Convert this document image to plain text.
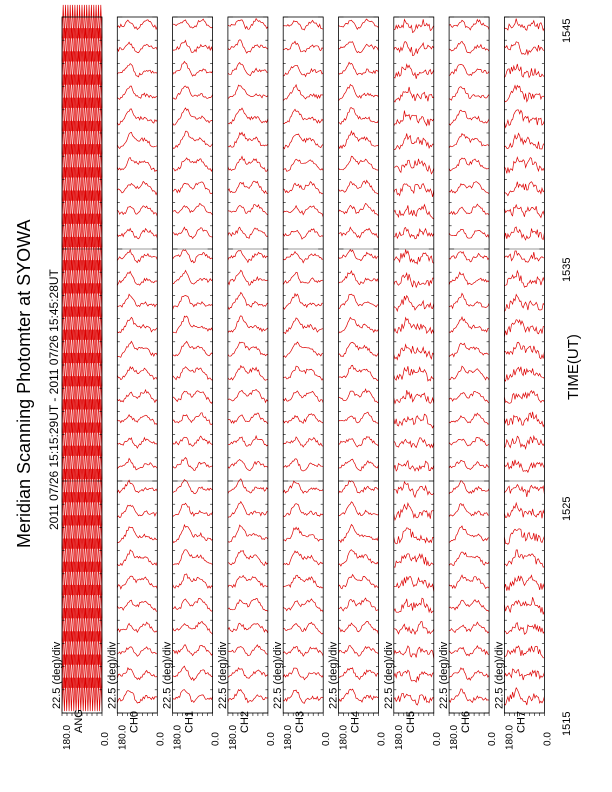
22.5 (deg)/div
180.0
ANG
0.0
22.5 (deg)/div
180.0
CH0
0.0
22.5 (deg)/div
180.0
CH1
0.0
22.5 (deg)/div
180.0
CH2
0.0
22.5 (deg)/div
180.0
CH3
0.0
22.5 (deg)/div
180.0
CH4
0.0
22.5 (deg)/div
180.0
CH5
0.0
22.5 (deg)/div
180.0
CH6
0.0
22.5 (deg)/div
180.0
CH7
0.0
Meridian Scanning Photomter at SYOWA 2011 07/26 15:15:29UT - 2011 07/26 15:45:28UT	TIME(UT)
1515
1525
1535
1545
